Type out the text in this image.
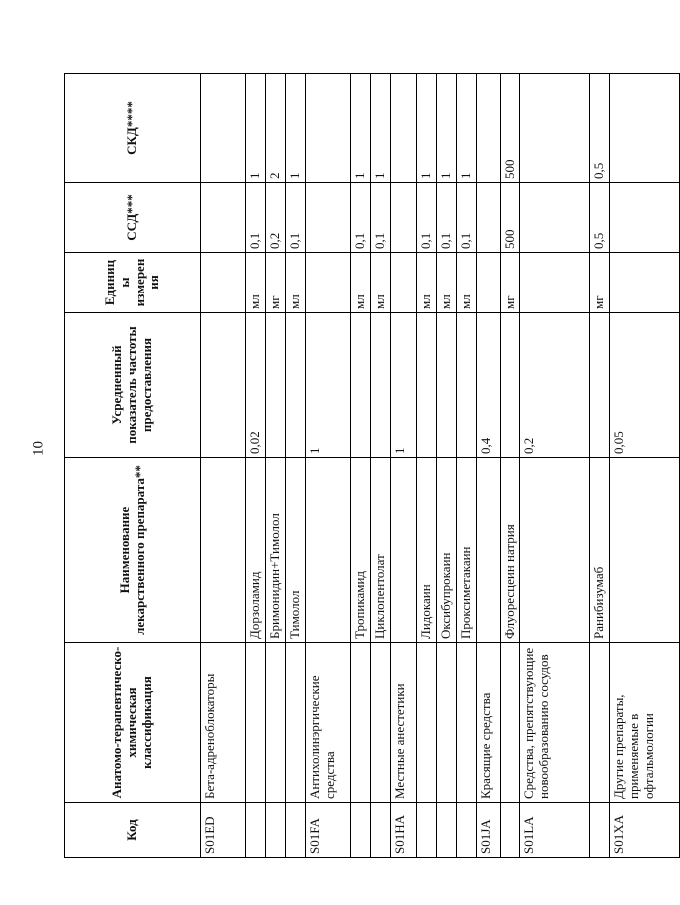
10
Код	Анатомо-терапевтическо-химическая классификация	Наименование лекарственного препарата**	Усредненный показатель частоты предоставления	Единицы измерения	ССД***	СКД****
S01ED	Бета-адреноблокаторы					
		Дорзоламид	0,02	мл	0,1	1
		Бримонидин+Тимолол		мг	0,2	2
		Тимолол		мл	0,1	1
S01FA	Антихолинэргические средства		1			
		Тропикамид		мл	0,1	1
		Циклопентолат		мл	0,1	1
S01HA	Местные анестетики		1			
		Лидокаин		мл	0,1	1
		Оксибупрокаин		мл	0,1	1
		Проксиметакаин		мл	0,1	1
S01JA	Красящие средства		0,4			
		Флуоресцеин натрия		мг	500	500
S01LA	Средства, препятствующие новообразованию сосудов		0,2			
		Ранибизумаб		мг	0,5	0,5
S01XA	Другие препараты, применяемые в офтальмологии		0,05			
